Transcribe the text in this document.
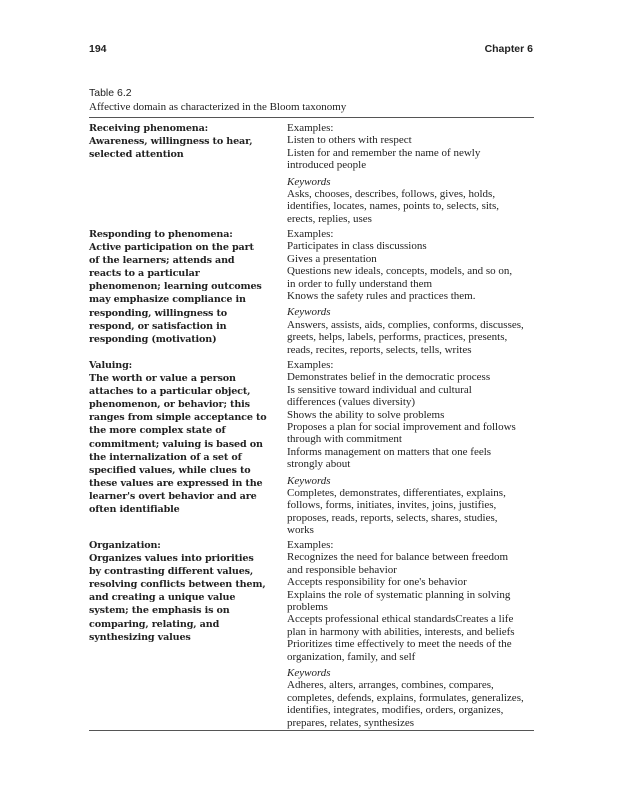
194	Chapter 6
Table 6.2
Affective domain as characterized in the Bloom taxonomy
Receiving phenomena:
Awareness, willingness to hear,
selected attention
Examples:
Listen to others with respect
Listen for and remember the name of newly
introduced people
Keywords
Asks, chooses, describes, follows, gives, holds,
identifies, locates, names, points to, selects, sits,
erects, replies, uses
Responding to phenomena:
Active participation on the part
of the learners; attends and
reacts to a particular
phenomenon; learning outcomes
may emphasize compliance in
responding, willingness to
respond, or satisfaction in
responding (motivation)
Examples:
Participates in class discussions
Gives a presentation
Questions new ideals, concepts, models, and so on,
in order to fully understand them
Knows the safety rules and practices them.
Keywords
Answers, assists, aids, complies, conforms, discusses,
greets, helps, labels, performs, practices, presents,
reads, recites, reports, selects, tells, writes
Valuing:
The worth or value a person
attaches to a particular object,
phenomenon, or behavior; this
ranges from simple acceptance to
the more complex state of
commitment; valuing is based on
the internalization of a set of
specified values, while clues to
these values are expressed in the
learner's overt behavior and are
often identifiable
Examples:
Demonstrates belief in the democratic process
Is sensitive toward individual and cultural
differences (values diversity)
Shows the ability to solve problems
Proposes a plan for social improvement and follows
through with commitment
Informs management on matters that one feels
strongly about
Keywords
Completes, demonstrates, differentiates, explains,
follows, forms, initiates, invites, joins, justifies,
proposes, reads, reports, selects, shares, studies,
works
Organization:
Organizes values into priorities
by contrasting different values,
resolving conflicts between them,
and creating a unique value
system; the emphasis is on
comparing, relating, and
synthesizing values
Examples:
Recognizes the need for balance between freedom
and responsible behavior
Accepts responsibility for one's behavior
Explains the role of systematic planning in solving
problems
Accepts professional ethical standardsCreates a life
plan in harmony with abilities, interests, and beliefs
Prioritizes time effectively to meet the needs of the
organization, family, and self
Keywords
Adheres, alters, arranges, combines, compares,
completes, defends, explains, formulates, generalizes,
identifies, integrates, modifies, orders, organizes,
prepares, relates, synthesizes
